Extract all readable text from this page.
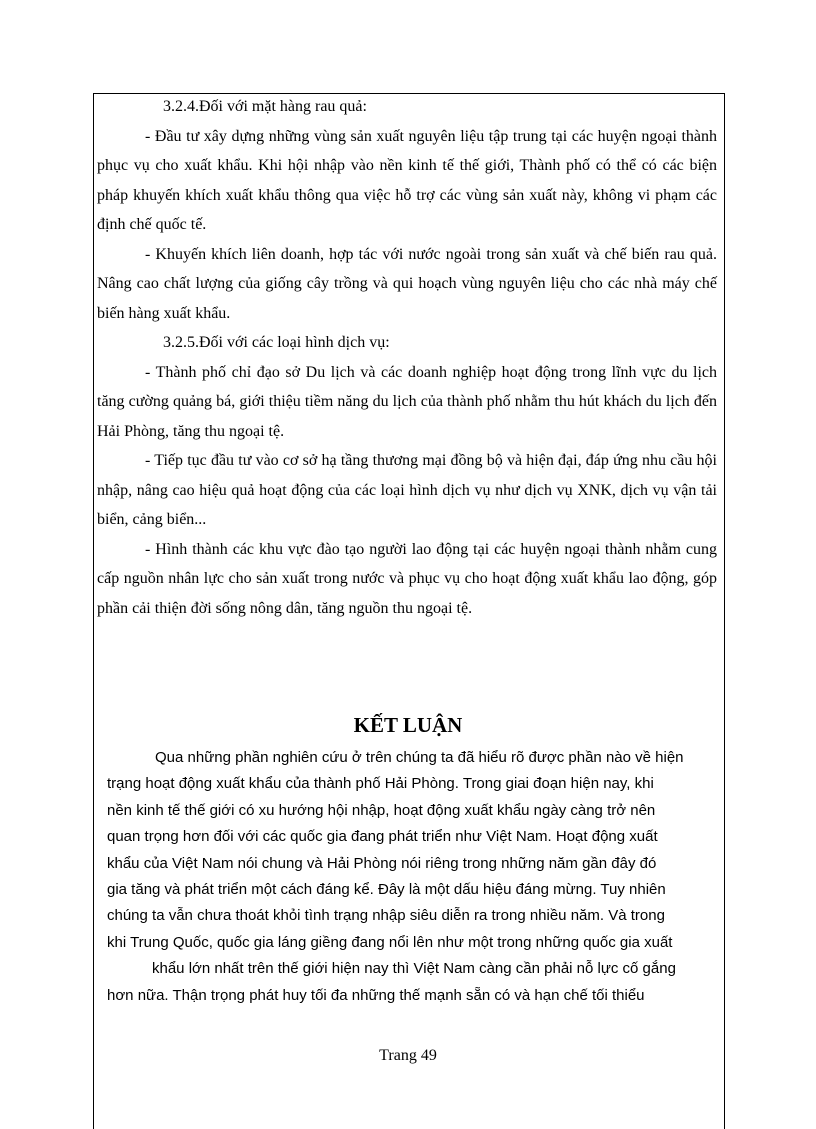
3.2.4.Đối với mặt hàng rau quả:

- Đầu tư xây dựng những vùng sản xuất nguyên liệu tập trung tại các huyện ngoại thành phục vụ cho xuất khẩu. Khi hội nhập vào nền kinh tế thế giới, Thành phố có thể có các biện pháp khuyến khích xuất khẩu thông qua việc hỗ trợ các vùng sản xuất này, không vi phạm các định chế quốc tế.

- Khuyến khích liên doanh, hợp tác với nước ngoài trong sản xuất và chế biến rau quả. Nâng cao chất lượng của giống cây trồng và qui hoạch vùng nguyên liệu cho các nhà máy chế biến hàng xuất khẩu.

3.2.5.Đối với các loại hình dịch vụ:

- Thành phố chỉ đạo sở Du lịch và các doanh nghiệp hoạt động trong lĩnh vực du lịch tăng cường quảng bá, giới thiệu tiềm năng du lịch của thành phố nhằm thu hút khách du lịch đến Hải Phòng, tăng thu ngoại tệ.

- Tiếp tục đầu tư vào cơ sở hạ tầng thương mại đồng bộ và hiện đại, đáp ứng nhu cầu hội nhập, nâng cao hiệu quả hoạt động của các loại hình dịch vụ như dịch vụ XNK, dịch vụ vận tải biển, cảng biển...

- Hình thành các khu vực đào tạo người lao động tại các huyện ngoại thành nhằm cung cấp nguồn nhân lực cho sản xuất trong nước và phục vụ cho hoạt động xuất khẩu lao động, góp phần cải thiện đời sống nông dân, tăng nguồn thu ngoại tệ.

KẾT LUẬN

Qua những phần nghiên cứu ở trên chúng ta đã hiểu rõ được phần nào về hiện
trạng hoạt động xuất khẩu của thành phố Hải Phòng. Trong giai đoạn hiện nay, khi
nền kinh tế thế giới có xu hướng hội nhập, hoạt động xuất khẩu ngày càng trở nên
quan trọng hơn đối với các quốc gia đang phát triển như Việt Nam. Hoạt động xuất
khẩu của Việt Nam nói chung và Hải Phòng nói riêng trong những năm gần đây đó
gia tăng và phát triển một cách đáng kể. Đây là một dấu hiệu đáng mừng. Tuy nhiên
chúng ta vẫn chưa thoát khỏi tình trạng nhập siêu diễn ra trong nhiều năm. Và trong
khi Trung Quốc, quốc gia láng giềng đang nổi lên như một trong những quốc gia xuất
khẩu lớn nhất trên thế giới hiện nay thì Việt Nam càng cần phải nỗ lực cố gắng
hơn nữa. Thận trọng phát huy tối đa những thế mạnh sẵn có và hạn chế tối thiểu

Trang 49
